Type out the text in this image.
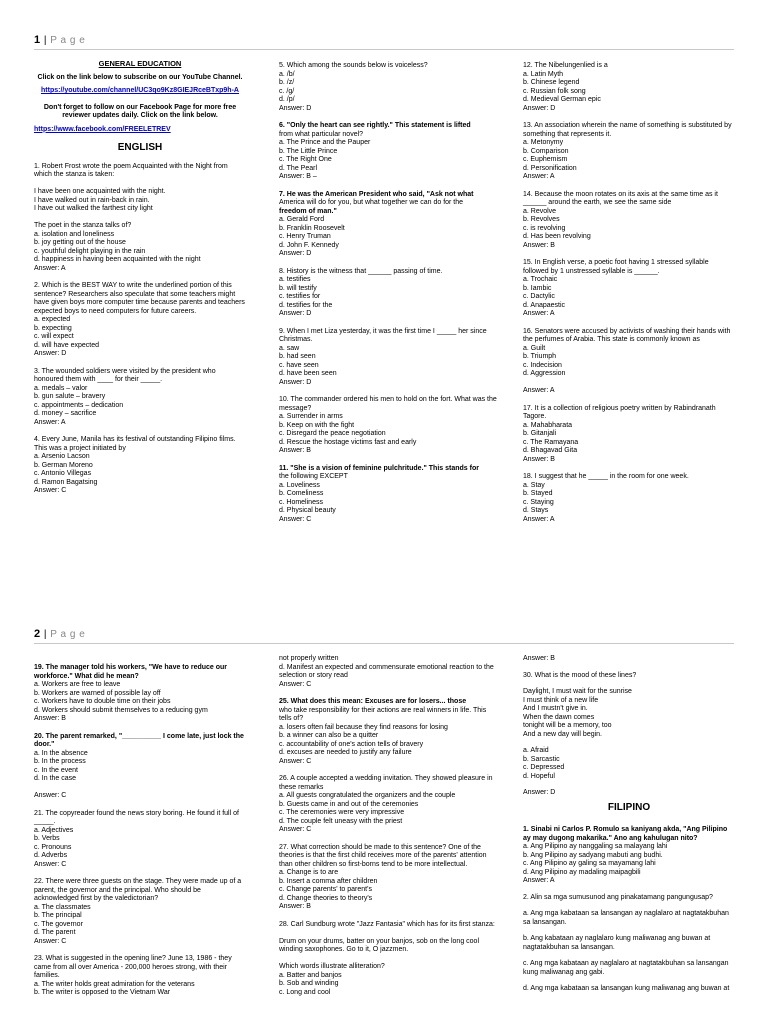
1 | P a g e
GENERAL EDUCATION
Click on the link below to subscribe on our YouTube Channel.
https://youtube.com/channel/UC3qo9Kz8GIEJRceBTxp9h-A
Don't forget to follow on our Facebook Page for more free reviewer updates daily. Click on the link below.
https://www.facebook.com/FREELETREV
ENGLISH
1. Robert Frost wrote the poem Acquainted with the Night from which the stanza is taken:

I have been one acquainted with the night.
I have walked out in rain-back in rain.
I have out walked the farthest city light

The poet in the stanza talks of?
a. isolation and loneliness
b. joy getting out of the house
c. youthful delight playing in the rain
d. happiness in having been acquainted with the night
Answer: A
2. Which is the BEST WAY to write the underlined portion of this sentence? Researchers also speculate that some teachers might have given boys more computer time because parents and teachers expected boys to need computers for future careers.
a. expected
b. expecting
c. will expect
d. will have expected
Answer: D
3. The wounded soldiers were visited by the president who honoured them with ____ for their _____.
a. medals – valor
b. gun salute – bravery
c. appointments – dedication
d. money – sacrifice
Answer: A
4. Every June, Manila has its festival of outstanding Filipino films. This was a project initiated by
a. Arsenio Lacson
b. German Moreno
c. Antonio Villegas
d. Ramon Bagatsing
Answer: C
5. Which among the sounds below is voiceless?
a. /b/
b. /z/
c. /g/
d. /p/
Answer: D
6. "Only the heart can see rightly." This statement is lifted
from what particular novel?
a. The Prince and the Pauper
b. The Little Prince
c. The Right One
d. The Pearl
Answer: B –
7. He was the American President who said, "Ask not what
America will do for you, but what together we can do for the
freedom of man."
a. Gerald Ford
b. Franklin Roosevelt
c. Henry Truman
d. John F. Kennedy
Answer: D
8. History is the witness that ______ passing of time.
a. testifies
b. will testify
c. testifies for
d. testifies for the
Answer: D
9. When I met Liza yesterday, it was the first time I _____ her since Christmas.
a. saw
b. had seen
c. have seen
d. have been seen
Answer: D
10. The commander ordered his men to hold on the fort. What was the message?
a. Surrender in arms
b. Keep on with the fight
c. Disregard the peace negotiation
d. Rescue the hostage victims fast and early
Answer: B
11. "She is a vision of feminine pulchritude." This stands for
the following EXCEPT
a. Loveliness
b. Comeliness
c. Homeliness
d. Physical beauty
Answer: C
12. The Nibelungenlied is a
a. Latin Myth
b. Chinese legend
c. Russian folk song
d. Medieval German epic
Answer: D
13. An association wherein the name of something is substituted by something that represents it.
a. Metonymy
b. Comparison
c. Euphemism
d. Personification
Answer: A
14. Because the moon rotates on its axis at the same time as it ______ around the earth, we see the same side
a. Revolve
b. Revolves
c. is revolving
d. Has been revolving
Answer: B
15. In English verse, a poetic foot having 1 stressed syllable followed by 1 unstressed syllable is ______.
a. Trochaic
b. Iambic
c. Dactylic
d. Anapaestic
Answer: A
16. Senators were accused by activists of washing their hands with the perfumes of Arabia. This state is commonly known as
a. Guilt
b. Triumph
c. Indecision
d. Aggression

Answer: A
17. It is a collection of religious poetry written by Rabindranath Tagore.
a. Mahabharata
b. Gitanjali
c. The Ramayana
d. Bhagavad Gita
Answer: B
18. I suggest that he _____ in the room for one week.
a. Stay
b. Stayed
c. Staying
d. Stays
Answer: A
2 | P a g e
19. The manager told his workers, "We have to reduce our workforce." What did he mean?
a. Workers are free to leave
b. Workers are warned of possible lay off
c. Workers have to double time on their jobs
d. Workers should submit themselves to a reducing gym
Answer: B
20. The parent remarked, "__________ I come late, just lock the door."
a. In the absence
b. In the process
c. In the event
d. In the case

Answer: C
21. The copyreader found the news story boring. He found it full of _____.
a. Adjectives
b. Verbs
c. Pronouns
d. Adverbs
Answer: C
22. There were three guests on the stage. They were made up of a parent, the governor and the principal. Who should be acknowledged first by the valedictorian?
a. The classmates
b. The principal
c. The governor
d. The parent
Answer: C
23. What is suggested in the opening line? June 13, 1986 - they came from all over America - 200,000 heroes strong, with their families.
a. The writer holds great admiration for the veterans
b. The writer is opposed to the Vietnam War
not properly written
d. Manifest an expected and commensurate emotional reaction to the selection or story read
Answer: C
25. What does this mean: Excuses are for losers... those
who take responsibility for their actions are real winners in life. This tells of?
a. losers often fail because they find reasons for losing
b. a winner can also be a quitter
c. accountability of one's action tells of bravery
d. excuses are needed to justify any failure
Answer: C
26. A couple accepted a wedding invitation. They showed pleasure in these remarks
a. All guests congratulated the organizers and the couple
b. Guests came in and out of the ceremonies
c. The ceremonies were very impressive
d. The couple felt uneasy with the priest
Answer: C
27. What correction should be made to this sentence? One of the theories is that the first child receives more of the parents' attention than other children so first-borns tend to be more intellectual.
a. Change is to are
b. Insert a comma after children
c. Change parents' to parent's
d. Change theories to theory's
Answer: B
28. Carl Sundburg wrote "Jazz Fantasia" which has for its first stanza:

Drum on your drums, batter on your banjos, sob on the long cool winding saxophones. Go to it, O jazzmen.

Which words illustrate alliteration?
a. Batter and banjos
b. Sob and winding
c. Long and cool

Answer: B

30. What is the mood of these lines?

Daylight, I must wait for the sunrise

I must think of a new life

And I mustn't give in.

When the dawn comes

tonight will be a memory, too

And a new day will begin.

a. Afraid

b. Sarcastic

c. Depressed

d. Hopeful

Answer: D

FILIPINO

1. Sinabi ni Carlos P. Romulo sa kaniyang akda, "Ang Pilipino ay may dugong makarika." Ano ang kahulugan nito?

a. Ang Pilipino ay nanggaling sa malayang lahi

b. Ang Pilipino ay sadyang mabuti ang budhi.

c. Ang Pilipino ay galing sa mayamang lahi

d. Ang Pilipino ay madaling maipagbili

Answer: A

2. Alin sa mga sumusunod ang pinakatamang pangungusap?

a. Ang mga kabataan sa lansangan ay naglalaro at nagtatakbuhan sa lansangan.

b. Ang kabataan ay naglalaro kung maliwanag ang buwan at nagtatakbuhan sa lansangan.

c. Ang mga kabataan ay naglalaro at nagtatakbuhan sa lansangan kung maliwanag ang gabi.

d. Ang mga kabataan sa lansangan kung maliwanag ang buwan at
